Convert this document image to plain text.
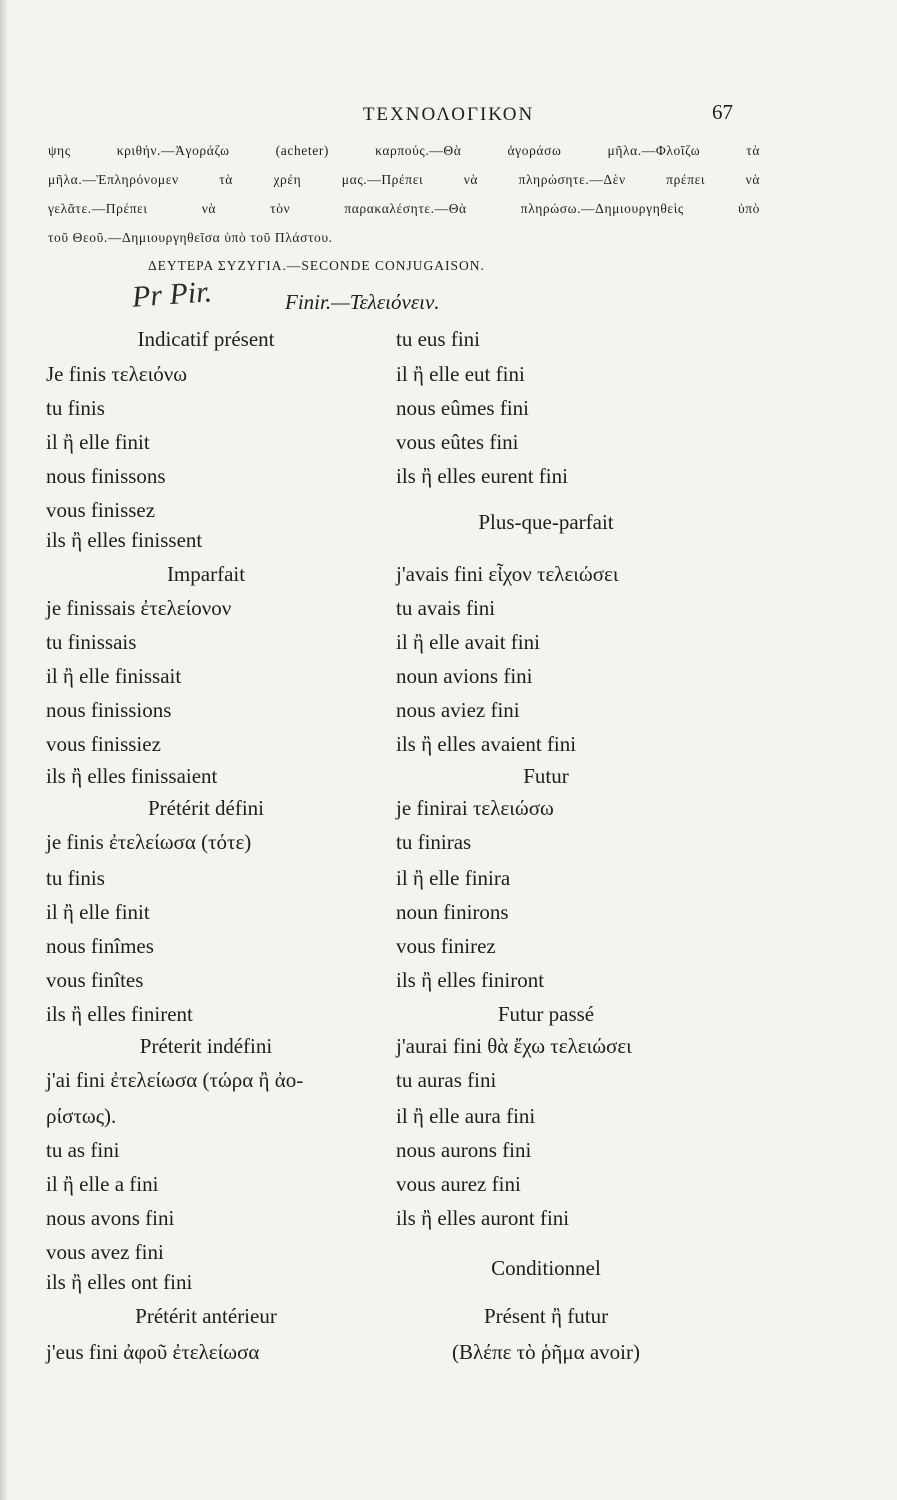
ΤΕΧΝΟΛΟΓΙΚΟΝ	67
ψης κριθήν.—Ἀγοράζω (acheter) καρπούς.—Θὰ ἀγοράσω μῆλα.—Φλοῖζω τὰ
μῆλα.—Ἐπληρόνομεν τὰ χρέη μας.—Πρέπει νὰ πληρώσητε.—Δὲν πρέπει νὰ
γελᾶτε.—Πρέπει νὰ τὸν παρακαλέσητε.—Θὰ πληρώσω.—Δημιουργηθεὶς ὑπὸ
τοῦ Θεοῦ.—Δημιουργηθεῖσα ὑπὸ τοῦ Πλάστου.
ΔΕΥΤΕΡΑ ΣΥΖΥΓΙΑ.—SECONDE CONJUGAISON.
Pr Pir.	Finir.—Τελειόνειν.
Indicatif présent
Je finis τελειόνω
tu finis
il ἢ elle finit
nous finissons
vous finissez
ils ἢ elles finissent
Imparfait
je finissais ἐτελείονον
tu finissais
il ἢ elle finissait
nous finissions
vous finissiez
ils ἢ elles finissaient
Prétérit défini
je finis ἐτελείωσα (τότε)
tu finis
il ἢ elle finit
nous finîmes
vous finîtes
ils ἢ elles finirent
Préterit indéfini
j'ai fini ἐτελείωσα (τώρα ἢ ἀο-
ρίστως).
tu as fini
il ἢ elle a fini
nous avons fini
vous avez fini
ils ἢ elles ont fini
Prétérit antérieur
j'eus fini ἀφοῦ ἐτελείωσα
tu eus fini
il ἢ elle eut fini
nous eûmes fini
vous eûtes fini
ils ἢ elles eurent fini
Plus-que-parfait
j'avais fini εἶχον τελειώσει
tu avais fini
il ἢ elle avait fini
noun avions fini
nous aviez fini
ils ἢ elles avaient fini
Futur
je finirai τελειώσω
tu finiras
il ἢ elle finira
noun finirons
vous finirez
ils ἢ elles finiront
Futur passé
j'aurai fini θὰ ἔχω τελειώσει
tu auras fini
il ἢ elle aura fini
nous aurons fini
vous aurez fini
ils ἢ elles auront fini
Conditionnel
Présent ἢ futur
(Βλέπε τὸ ῥῆμα avoir)
